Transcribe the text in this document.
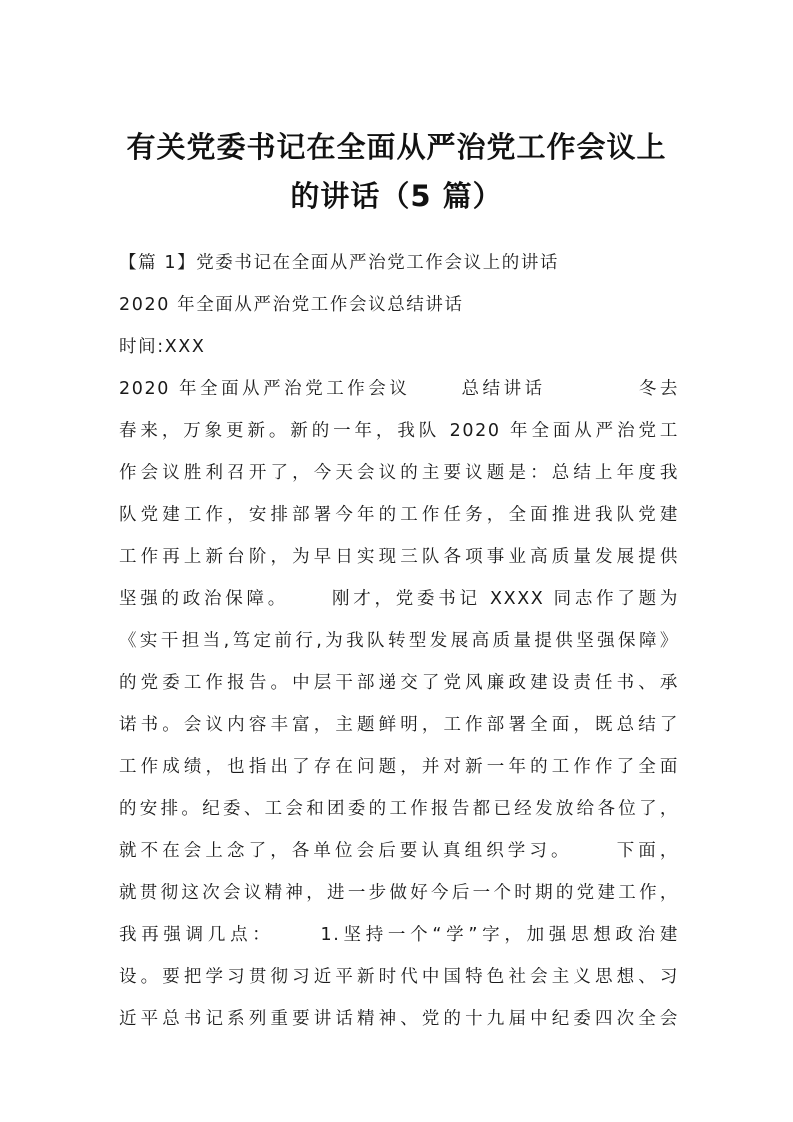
有关党委书记在全面从严治党工作会议上
的讲话（5 篇）
【篇 1】党委书记在全面从严治党工作会议上的讲话
2020 年全面从严治党工作会议总结讲话
时间:XXX
2020 年全面从严治党工作会议　　 总结讲话　　　　 冬去
春来，万象更新。新的一年，我队 2020 年全面从严治党工
作会议胜利召开了，今天会议的主要议题是：总结上年度我
队党建工作，安排部署今年的工作任务，全面推进我队党建
工作再上新台阶，为早日实现三队各项事业高质量发展提供
坚强的政治保障。　　 刚才，党委书记 XXXX 同志作了题为
《实干担当,笃定前行,为我队转型发展高质量提供坚强保障》
的党委工作报告。中层干部递交了党风廉政建设责任书、承
诺书。会议内容丰富，主题鲜明，工作部署全面，既总结了
工作成绩，也指出了存在问题，并对新一年的工作作了全面
的安排。纪委、工会和团委的工作报告都已经发放给各位了，
就不在会上念了，各单位会后要认真组织学习。　　 下面，
就贯彻这次会议精神，进一步做好今后一个时期的党建工作，
我再强调几点：　　 1.坚持一个“学”字，加强思想政治建
设。要把学习贯彻习近平新时代中国特色社会主义思想、习
近平总书记系列重要讲话精神、党的十九届中纪委四次全会
